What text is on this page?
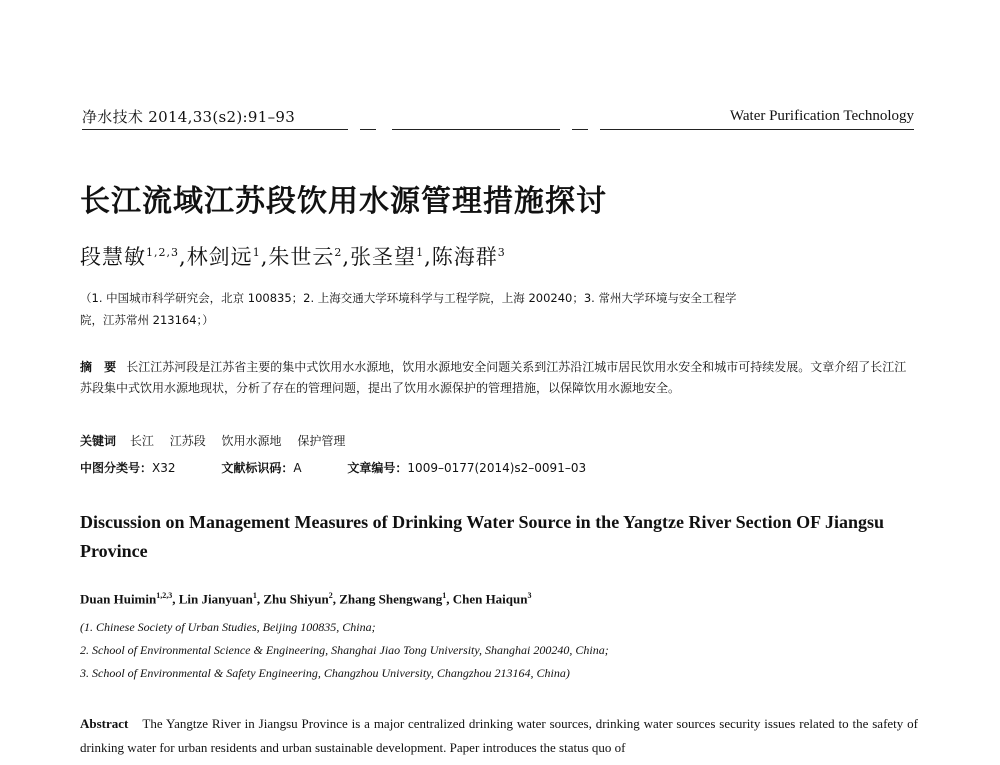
净水技术 2014,33(s2):91–93	Water Purification Technology
长江流域江苏段饮用水源管理措施探讨
段慧敏$^{1,2,3}$,林剑远$^1$,朱世云$^2$,张圣望$^1$,陈海群$^3$
（1. 中国城市科学研究会，北京 100835；2. 上海交通大学环境科学与工程学院，上海 200240；3. 常州大学环境与安全工程学
院，江苏常州 213164；）
摘 要 长江江苏河段是江苏省主要的集中式饮用水水源地，饮用水源地安全问题关系到江苏沿江城市居民饮用水安全和城市可持续发展。文章介绍了长江江苏段集中式饮用水源地现状，分析了存在的管理问题，提出了饮用水源保护的管理措施，以保障饮用水源地安全。
关键词 长江 江苏段 饮用水源地 保护管理
中图分类号：X32	文献标识码：A	文章编号：1009–0177(2014)s2–0091–03
Discussion on Management Measures of Drinking Water Source in the Yangtze River Section OF Jiangsu Province
Duan Huimin$^{1,2,3}$, Lin Jianyuan$^1$, Zhu Shiyun$^2$, Zhang Shengwang$^1$, Chen Haiqun$^3$
(1. Chinese Society of Urban Studies, Beijing 100835, China;
2. School of Environmental Science & Engineering, Shanghai Jiao Tong University, Shanghai 200240, China;
3. School of Environmental & Safety Engineering, Changzhou University, Changzhou 213164, China)
Abstract The Yangtze River in Jiangsu Province is a major centralized drinking water sources, drinking water sources security issues related to the safety of drinking water for urban residents and urban sustainable development. Paper introduces the status quo of
